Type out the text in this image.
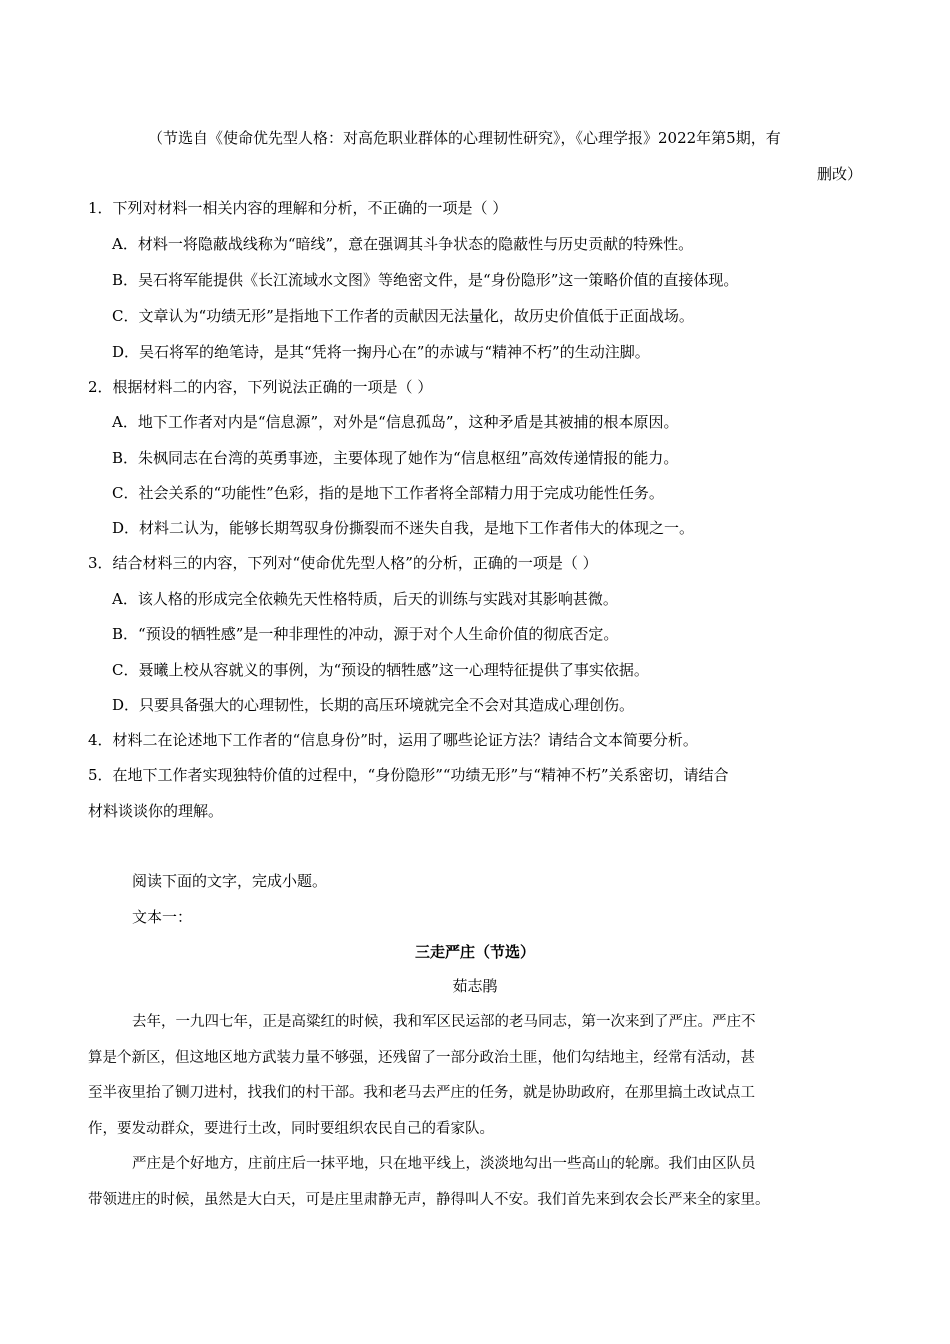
（节选自《使命优先型人格：对高危职业群体的心理韧性研究》，《心理学报》2022年第5期，有
删改）
1．下列对材料一相关内容的理解和分析，不正确的一项是（ ）
A．材料一将隐蔽战线称为“暗线”，意在强调其斗争状态的隐蔽性与历史贡献的特殊性。
B．吴石将军能提供《长江流域水文图》等绝密文件，是“身份隐形”这一策略价值的直接体现。
C．文章认为“功绩无形”是指地下工作者的贡献因无法量化，故历史价值低于正面战场。
D．吴石将军的绝笔诗，是其“凭将一掬丹心在”的赤诚与“精神不朽”的生动注脚。
2．根据材料二的内容，下列说法正确的一项是（ ）
A．地下工作者对内是“信息源”，对外是“信息孤岛”，这种矛盾是其被捕的根本原因。
B．朱枫同志在台湾的英勇事迹，主要体现了她作为“信息枢纽”高效传递情报的能力。
C．社会关系的“功能性”色彩，指的是地下工作者将全部精力用于完成功能性任务。
D．材料二认为，能够长期驾驭身份撕裂而不迷失自我，是地下工作者伟大的体现之一。
3．结合材料三的内容，下列对“使命优先型人格”的分析，正确的一项是（ ）
A．该人格的形成完全依赖先天性格特质，后天的训练与实践对其影响甚微。
B．“预设的牺牲感”是一种非理性的冲动，源于对个人生命价值的彻底否定。
C．聂曦上校从容就义的事例，为“预设的牺牲感”这一心理特征提供了事实依据。
D．只要具备强大的心理韧性，长期的高压环境就完全不会对其造成心理创伤。
4．材料二在论述地下工作者的“信息身份”时，运用了哪些论证方法？请结合文本简要分析。
5．在地下工作者实现独特价值的过程中，“身份隐形”“功绩无形”与“精神不朽”关系密切，请结合
材料谈谈你的理解。
阅读下面的文字，完成小题。
文本一：
三走严庄（节选）
茹志鹃
去年，一九四七年，正是高粱红的时候，我和军区民运部的老马同志，第一次来到了严庄。严庄不
算是个新区，但这地区地方武装力量不够强，还残留了一部分政治土匪，他们勾结地主，经常有活动，甚
至半夜里抬了铡刀进村，找我们的村干部。我和老马去严庄的任务，就是协助政府，在那里搞土改试点工
作，要发动群众，要进行土改，同时要组织农民自己的看家队。
严庄是个好地方，庄前庄后一抹平地，只在地平线上，淡淡地勾出一些高山的轮廓。我们由区队员
带领进庄的时候，虽然是大白天，可是庄里肃静无声，静得叫人不安。我们首先来到农会长严来全的家里。
